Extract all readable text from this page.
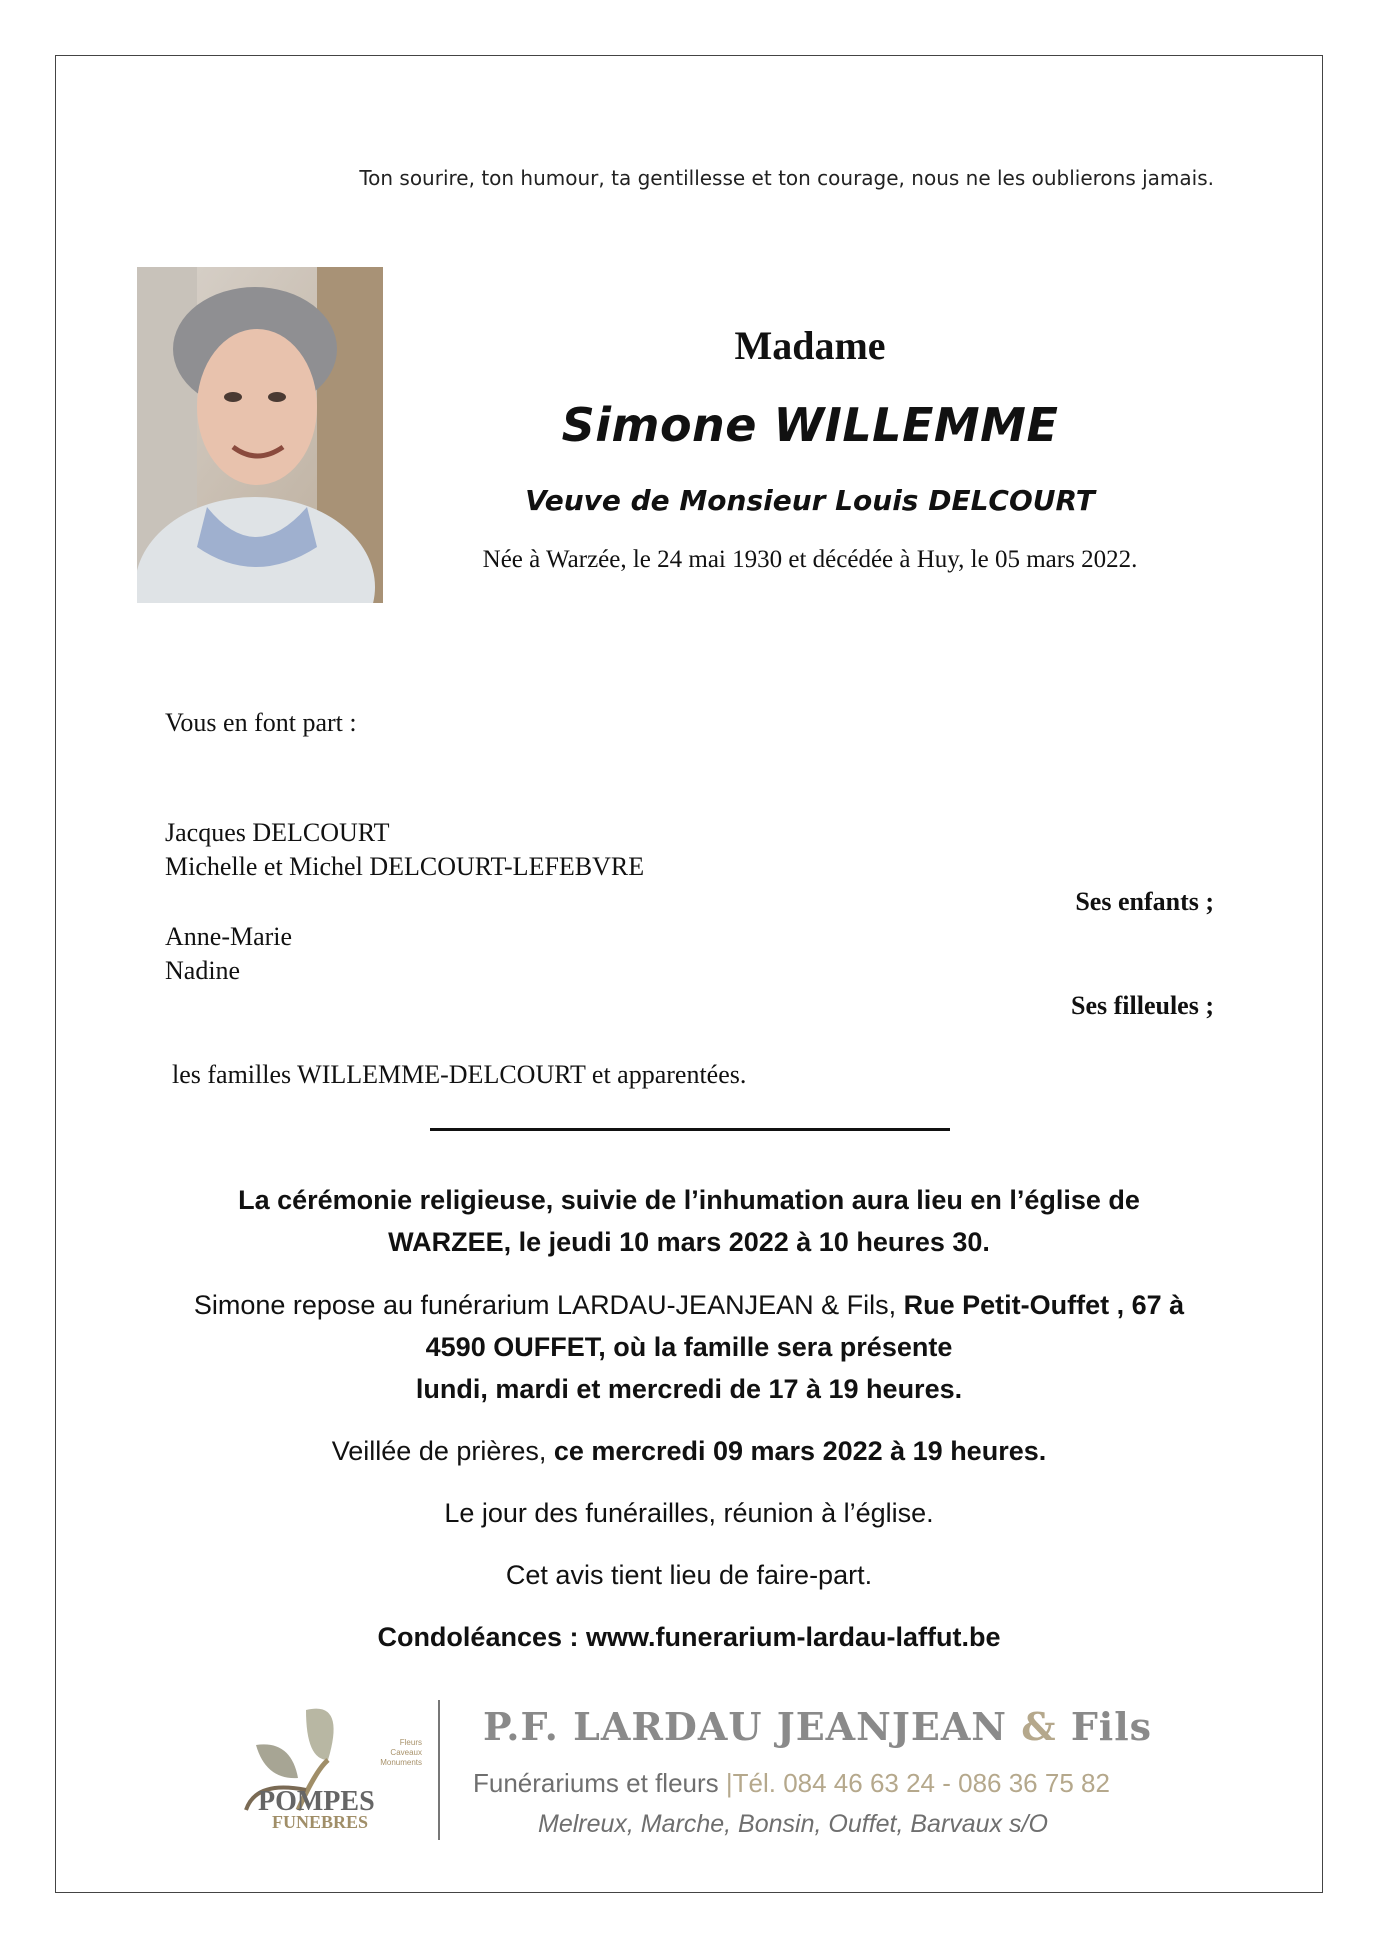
Ton sourire, ton humour, ta gentillesse et ton courage, nous ne les oublierons jamais.
Madame
Simone WILLEMME
Veuve de Monsieur Louis DELCOURT
Née à Warzée, le 24 mai 1930 et décédée à Huy, le 05 mars 2022.
Vous en font part :
Jacques DELCOURT
Michelle et Michel DELCOURT-LEFEBVRE
Ses enfants ;
Anne-Marie
Nadine
Ses filleules ;
les familles WILLEMME-DELCOURT et apparentées.
La cérémonie religieuse, suivie de l’inhumation aura lieu en l’église de
WARZEE, le jeudi 10 mars 2022 à 10 heures 30.
Simone repose au funérarium LARDAU-JEANJEAN & Fils, Rue Petit-Ouffet , 67 à
4590 OUFFET, où la famille sera présente
lundi, mardi et mercredi de 17 à 19 heures.
Veillée de prières, ce mercredi 09 mars 2022 à 19 heures.
Le jour des funérailles, réunion à l’église.
Cet avis tient lieu de faire-part.
Condoléances : www.funerarium-lardau-laffut.be
POMPES
FUNEBRES
Fleurs
Caveaux
Monuments
P.F. LARDAU JEANJEAN & Fils
Funérariums et fleurs |Tél. 084 46 63 24 - 086 36 75 82
Melreux, Marche, Bonsin, Ouffet, Barvaux s/O
